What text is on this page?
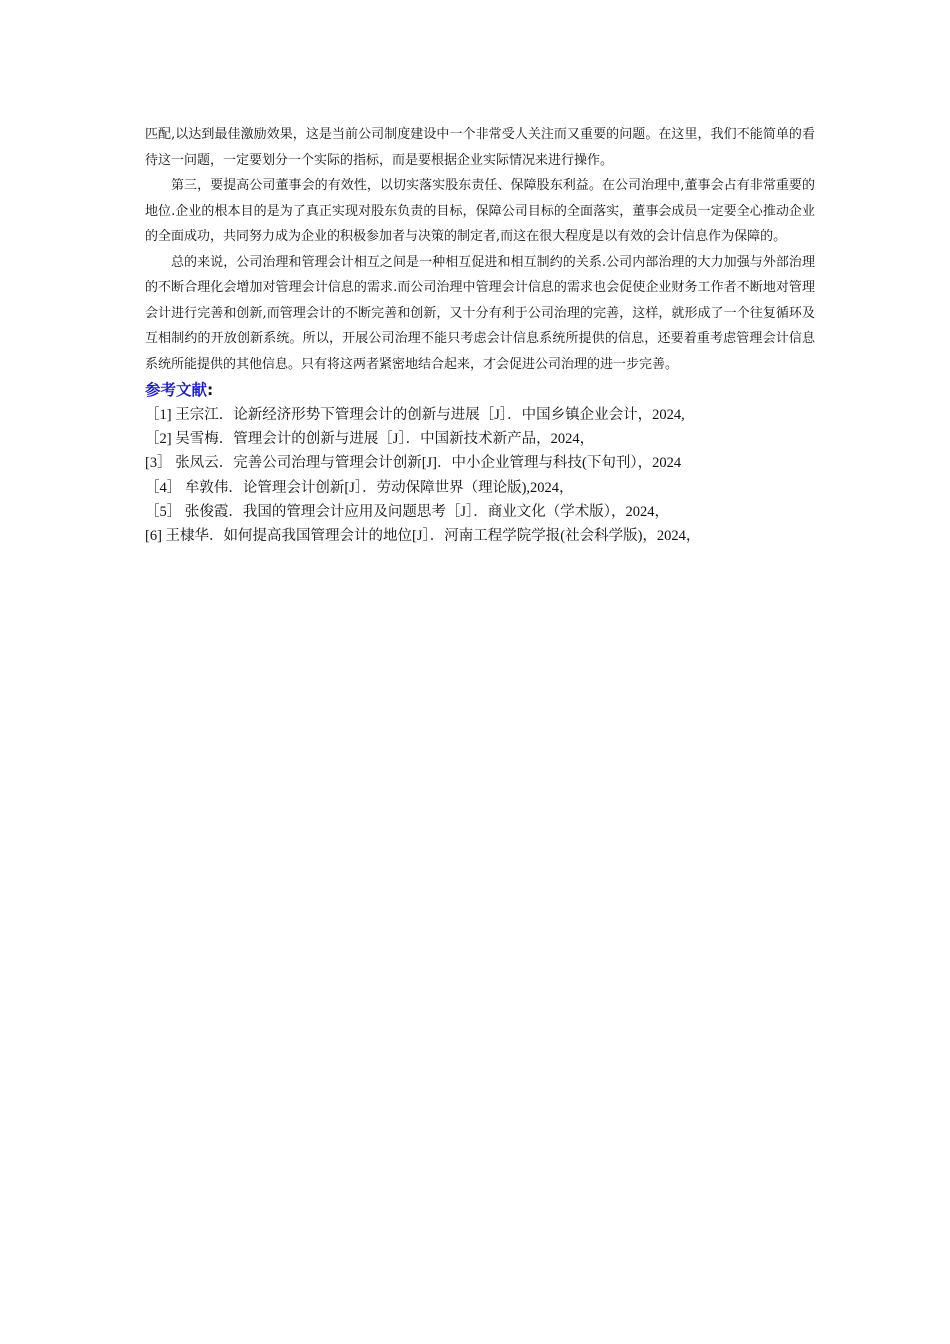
匹配,以达到最佳激励效果，这是当前公司制度建设中一个非常受人关注而又重要的问题。在这里，我们不能简单的看待这一问题，一定要划分一个实际的指标，而是要根据企业实际情况来进行操作。

第三，要提高公司董事会的有效性，以切实落实股东责任、保障股东利益。在公司治理中,董事会占有非常重要的地位.企业的根本目的是为了真正实现对股东负责的目标，保障公司目标的全面落实，董事会成员一定要全心推动企业的全面成功，共同努力成为企业的积极参加者与决策的制定者,而这在很大程度是以有效的会计信息作为保障的。

总的来说，公司治理和管理会计相互之间是一种相互促进和相互制约的关系.公司内部治理的大力加强与外部治理的不断合理化会增加对管理会计信息的需求.而公司治理中管理会计信息的需求也会促使企业财务工作者不断地对管理会计进行完善和创新,而管理会计的不断完善和创新，又十分有利于公司治理的完善，这样，就形成了一个往复循环及互相制约的开放创新系统。所以，开展公司治理不能只考虑会计信息系统所提供的信息，还要着重考虑管理会计信息系统所能提供的其他信息。只有将这两者紧密地结合起来，才会促进公司治理的进一步完善。

参考文献:
［1] 王宗江．论新经济形势下管理会计的创新与进展［J］．中国乡镇企业会计，2024,
［2] 吴雪梅．管理会计的创新与进展［J］．中国新技术新产品，2024，
[3］ 张凤云．完善公司治理与管理会计创新[J]．中小企业管理与科技(下旬刊），2024
［4］ 牟敦伟．论管理会计创新[J］．劳动保障世界（理论版),2024，
［5］ 张俊霞．我国的管理会计应用及问题思考［J］．商业文化（学术版），2024，
[6] 王棣华．如何提高我国管理会计的地位[J］．河南工程学院学报(社会科学版)，2024，
